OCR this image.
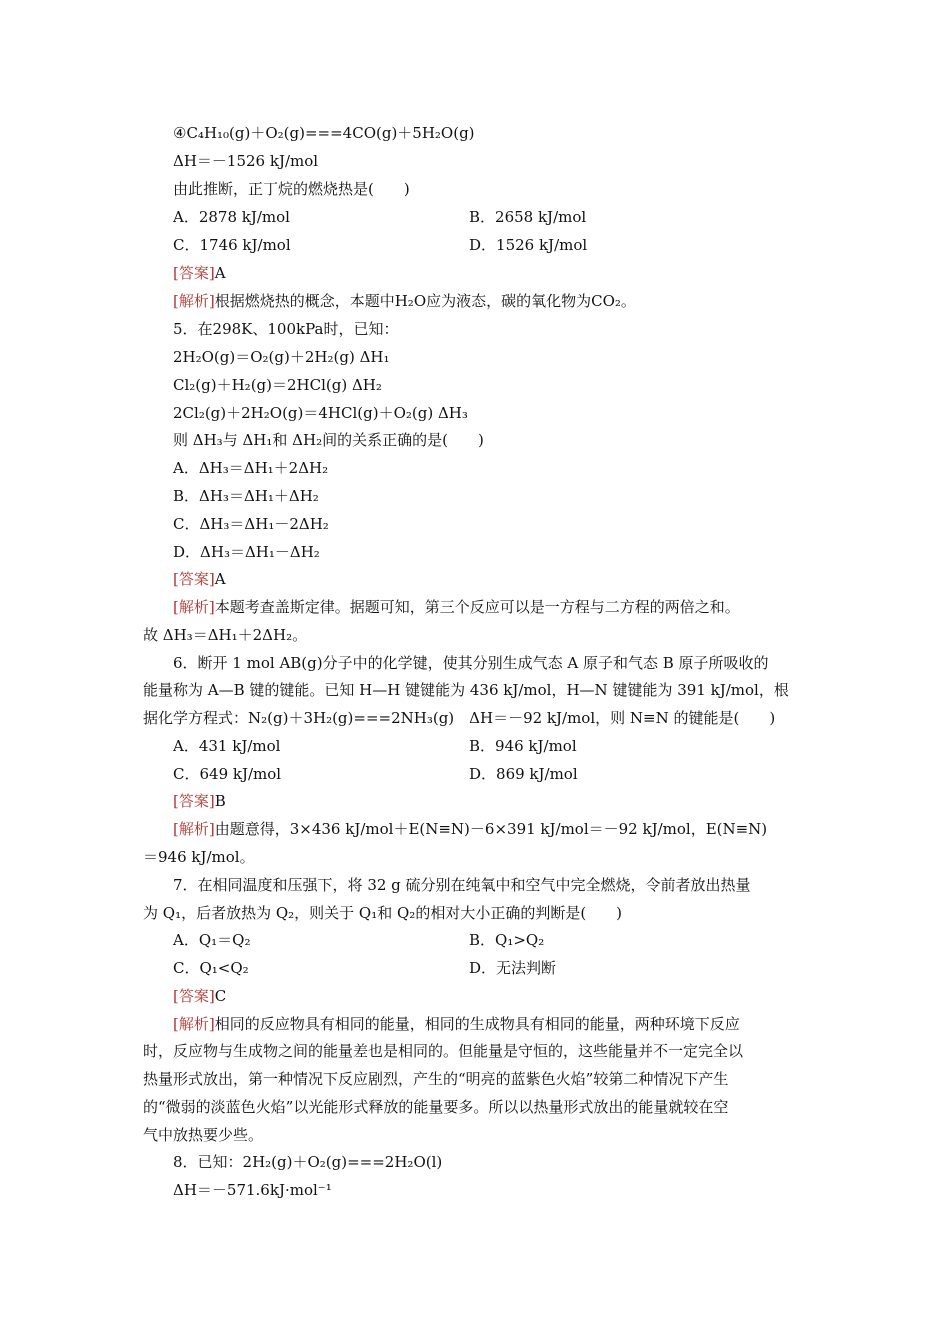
④C₄H₁₀(g)＋O₂(g)===4CO(g)＋5H₂O(g)
ΔH＝－1526 kJ/mol
由此推断，正丁烷的燃烧热是(　　)
A．2878 kJ/mol	B．2658 kJ/mol
C．1746 kJ/mol	D．1526 kJ/mol
[答案]A
[解析]根据燃烧热的概念，本题中H₂O应为液态，碳的氧化物为CO₂。
5．在298K、100kPa时，已知：
2H₂O(g)＝O₂(g)＋2H₂(g) ΔH₁
Cl₂(g)＋H₂(g)＝2HCl(g) ΔH₂
2Cl₂(g)＋2H₂O(g)＝4HCl(g)＋O₂(g) ΔH₃
则 ΔH₃与 ΔH₁和 ΔH₂间的关系正确的是(　　)
A．ΔH₃＝ΔH₁＋2ΔH₂
B．ΔH₃＝ΔH₁＋ΔH₂
C．ΔH₃＝ΔH₁－2ΔH₂
D．ΔH₃＝ΔH₁－ΔH₂
[答案]A
[解析]本题考查盖斯定律。据题可知，第三个反应可以是一方程与二方程的两倍之和。
故 ΔH₃＝ΔH₁＋2ΔH₂。
6．断开 1 mol AB(g)分子中的化学键，使其分别生成气态 A 原子和气态 B 原子所吸收的
能量称为 A—B 键的键能。已知 H—H 键键能为 436 kJ/mol，H—N 键键能为 391 kJ/mol，根
据化学方程式：N₂(g)＋3H₂(g)===2NH₃(g)　ΔH＝－92 kJ/mol，则 N≡N 的键能是(　　)
A．431 kJ/mol	B．946 kJ/mol
C．649 kJ/mol	D．869 kJ/mol
[答案]B
[解析]由题意得，3×436 kJ/mol＋E(N≡N)－6×391 kJ/mol＝－92 kJ/mol，E(N≡N)
＝946 kJ/mol。
7．在相同温度和压强下，将 32 g 硫分别在纯氧中和空气中完全燃烧，令前者放出热量
为 Q₁，后者放热为 Q₂，则关于 Q₁和 Q₂的相对大小正确的判断是(　　)
A．Q₁＝Q₂	B．Q₁>Q₂
C．Q₁<Q₂	D．无法判断
[答案]C
[解析]相同的反应物具有相同的能量，相同的生成物具有相同的能量，两种环境下反应
时，反应物与生成物之间的能量差也是相同的。但能量是守恒的，这些能量并不一定完全以
热量形式放出，第一种情况下反应剧烈，产生的“明亮的蓝紫色火焰”较第二种情况下产生
的“微弱的淡蓝色火焰”以光能形式释放的能量要多。所以以热量形式放出的能量就较在空
气中放热要少些。
8．已知：2H₂(g)＋O₂(g)===2H₂O(l)
ΔH＝－571.6kJ·mol⁻¹
